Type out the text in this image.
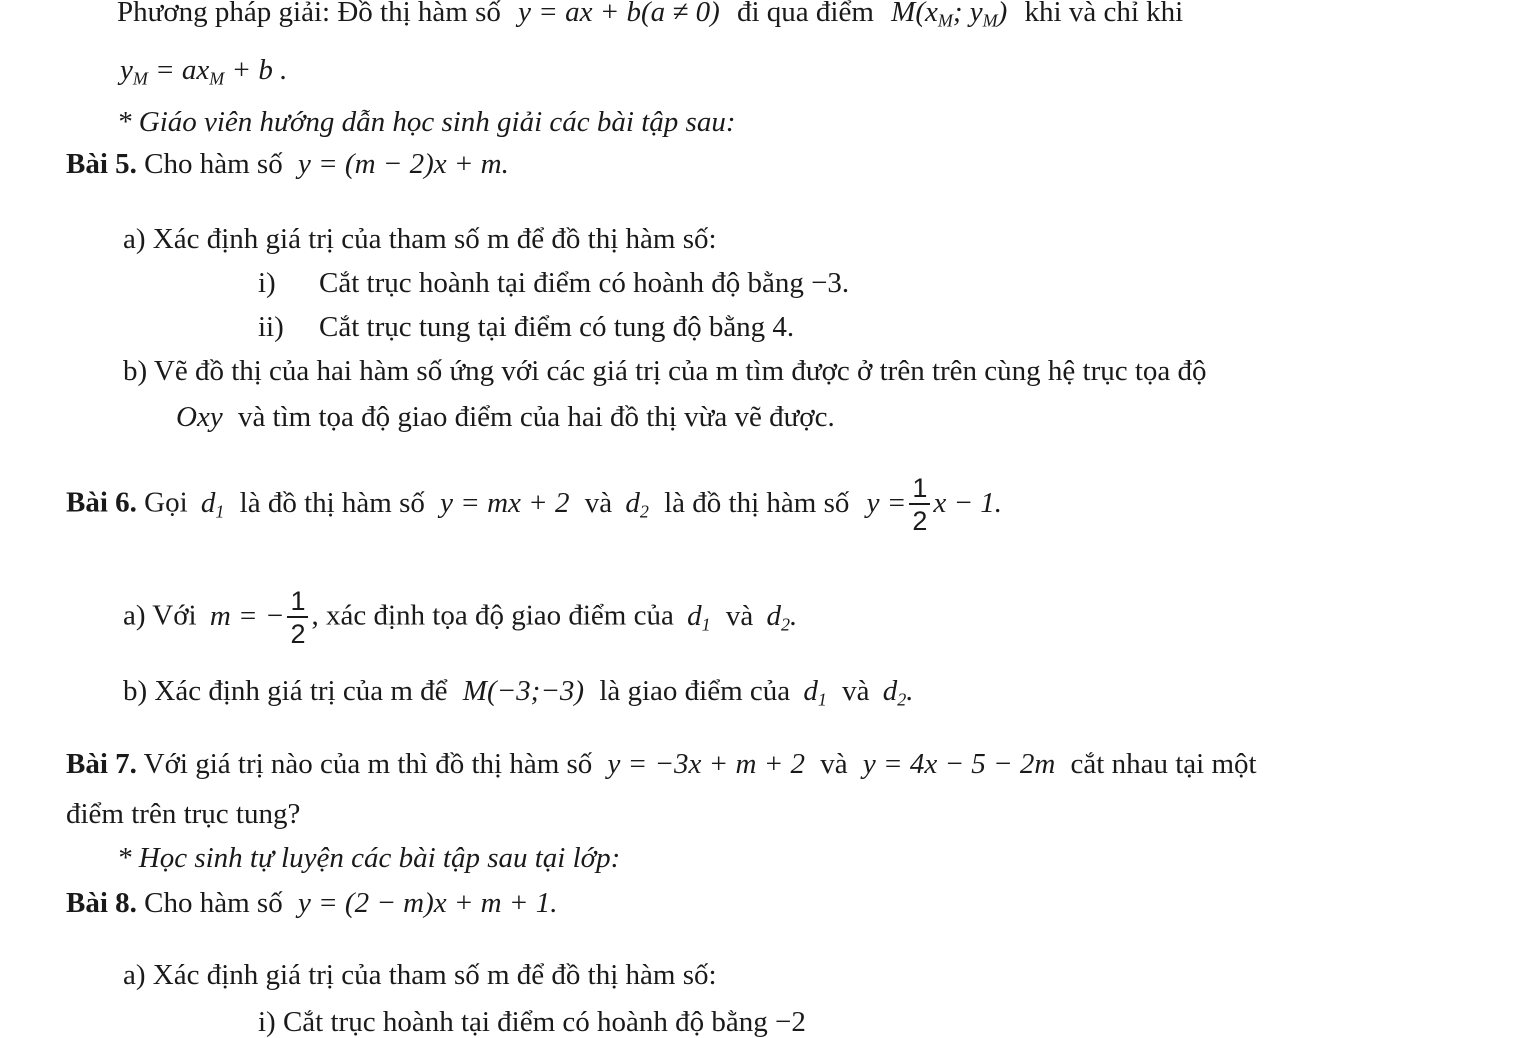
Phương pháp giải: Đồ thị hàm số y = ax + b(a ≠ 0) đi qua điểm $M(x_M$; $y_M$) khi và chỉ khi
$y_M = ax_M + b$ .
* Giáo viên hướng dẫn học sinh giải các bài tập sau:
Bài 5. Cho hàm số y = (m − 2)x + m.
a) Xác định giá trị của tham số m để đồ thị hàm số:
i) Cắt trục hoành tại điểm có hoành độ bằng −3.
ii) Cắt trục tung tại điểm có tung độ bằng 4.
b) Vẽ đồ thị của hai hàm số ứng với các giá trị của m tìm được ở trên trên cùng hệ trục tọa độ
Oxy và tìm tọa độ giao điểm của hai đồ thị vừa vẽ được.
Bài 6. Gọi $d_1$ là đồ thị hàm số y = mx + 2 và $d_2$ là đồ thị hàm số $y = \frac{1}{2}$ x − 1.
a) Với m = − $\frac{1}{2}$ , xác định tọa độ giao điểm của $d_1$ và $d_2$.
b) Xác định giá trị của m để M(−3;−3) là giao điểm của $d_1$ và $d_2$.
Bài 7. Với giá trị nào của m thì đồ thị hàm số y = −3x + m + 2 và y = 4x − 5 − 2m cắt nhau tại một
điểm trên trục tung?
* Học sinh tự luyện các bài tập sau tại lớp:
Bài 8. Cho hàm số y = (2 − m)x + m + 1.
a) Xác định giá trị của tham số m để đồ thị hàm số:
i) Cắt trục hoành tại điểm có hoành độ bằng −2
